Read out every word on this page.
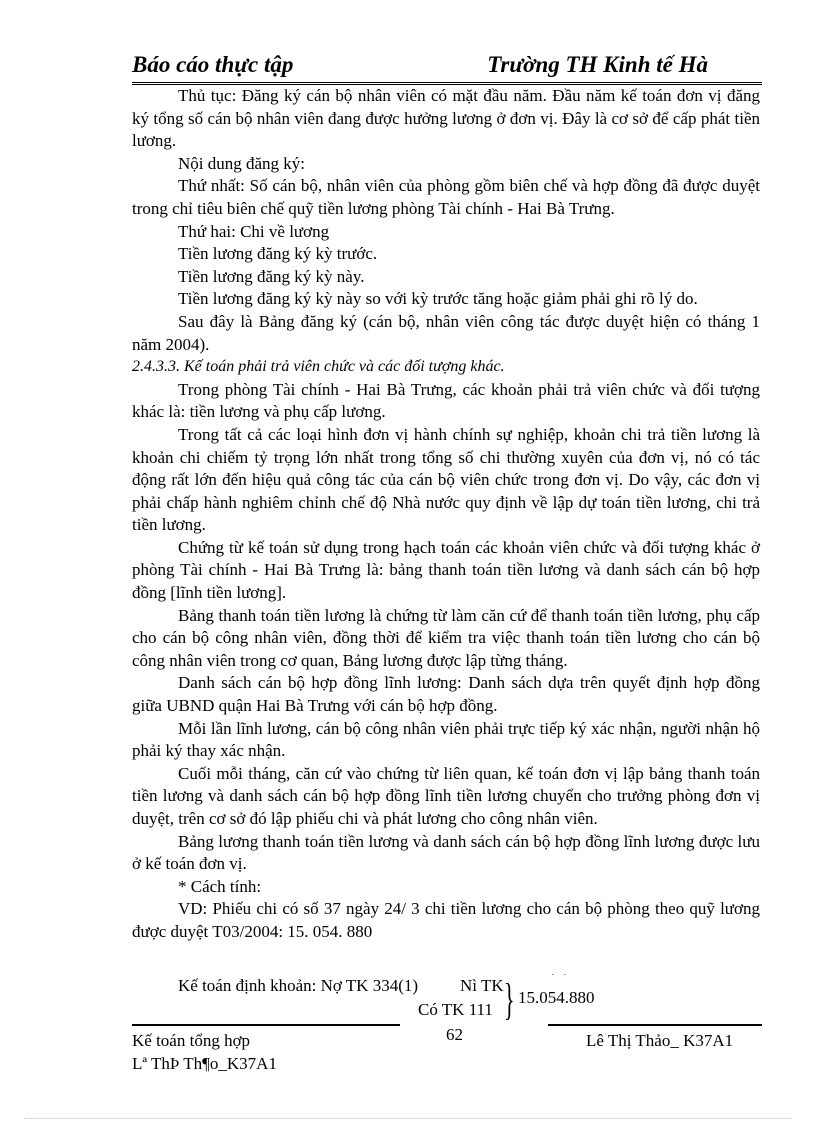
Báo cáo thực tập	Trường TH Kinh tế Hà

Thủ tục: Đăng ký cán bộ nhân viên có mặt đầu năm. Đầu năm kế toán đơn vị đăng ký tổng số cán bộ nhân viên đang được hưởng lương ở đơn vị. Đây là cơ sở để cấp phát tiền lương.

Nội dung đăng ký:

Thứ nhất: Số cán bộ, nhân viên của phòng gồm biên chế và hợp đồng đã được duyệt trong chỉ tiêu biên chế quỹ tiền lương phòng Tài chính - Hai Bà Trưng.

Thứ hai: Chi về lương

Tiền lương đăng ký kỳ trước.

Tiền lương đăng ký kỳ này.

Tiền lương đăng ký kỳ này so với kỳ trước tăng hoặc giảm phải ghi rõ lý do.

Sau đây là Bảng đăng ký (cán bộ, nhân viên công tác được duyệt hiện có tháng 1 năm 2004).

2.4.3.3. Kế toán phải trả viên chức và các đối tượng khác.

Trong phòng Tài chính - Hai Bà Trưng, các khoản phải trả viên chức và đối tượng khác là: tiền lương và phụ cấp lương.

Trong tất cả các loại hình đơn vị hành chính sự nghiệp, khoản chi trả tiền lương là khoản chi chiếm tỷ trọng lớn nhất trong tổng số chi thường xuyên của đơn vị, nó có tác động rất lớn đến hiệu quả công tác của cán bộ viên chức trong đơn vị. Do vậy, các đơn vị phải chấp hành nghiêm chỉnh chế độ Nhà nước quy định về lập dự toán tiền lương, chi trả tiền lương.

Chứng từ kế toán sử dụng trong hạch toán các khoản viên chức và đối tượng khác ở phòng Tài chính - Hai Bà Trưng là: bảng thanh toán tiền lương và danh sách cán bộ hợp đồng [lĩnh tiền lương].

Bảng thanh toán tiền lương là chứng từ làm căn cứ để thanh toán tiền lương, phụ cấp cho cán bộ công nhân viên, đồng thời để kiểm tra việc thanh toán tiền lương cho cán bộ công nhân viên trong cơ quan, Bảng lương được lập từng tháng.

Danh sách cán bộ hợp đồng lĩnh lương: Danh sách dựa trên quyết định hợp đồng giữa UBND quận Hai Bà Trưng với cán bộ hợp đồng.

Mỗi lần lĩnh lương, cán bộ công nhân viên phải trực tiếp ký xác nhận, người nhận hộ phải ký thay xác nhận.

Cuối mỗi tháng, căn cứ vào chứng từ liên quan, kế toán đơn vị lập bảng thanh toán tiền lương và danh sách cán bộ hợp đồng lĩnh tiền lương chuyển cho trưởng phòng đơn vị duyệt, trên cơ sở đó lập phiếu chi và phát lương cho công nhân viên.

Bảng lương thanh toán tiền lương và danh sách cán bộ hợp đồng lĩnh lương được lưu ở kế toán đơn vị.

* Cách tính:

VD: Phiếu chi có số 37 ngày 24/ 3 chi tiền lương cho cán bộ phòng theo quỹ lương được duyệt T03/2004: 15. 054. 880

Kế toán định khoản: Nợ TK 334(1) Nì TK
Có TK 111 } 15.054.880
. .
Kế toán tổng hợp
Lª ThÞ Th¶o_K37A1
62	Lê Thị Thảo_ K37A1
